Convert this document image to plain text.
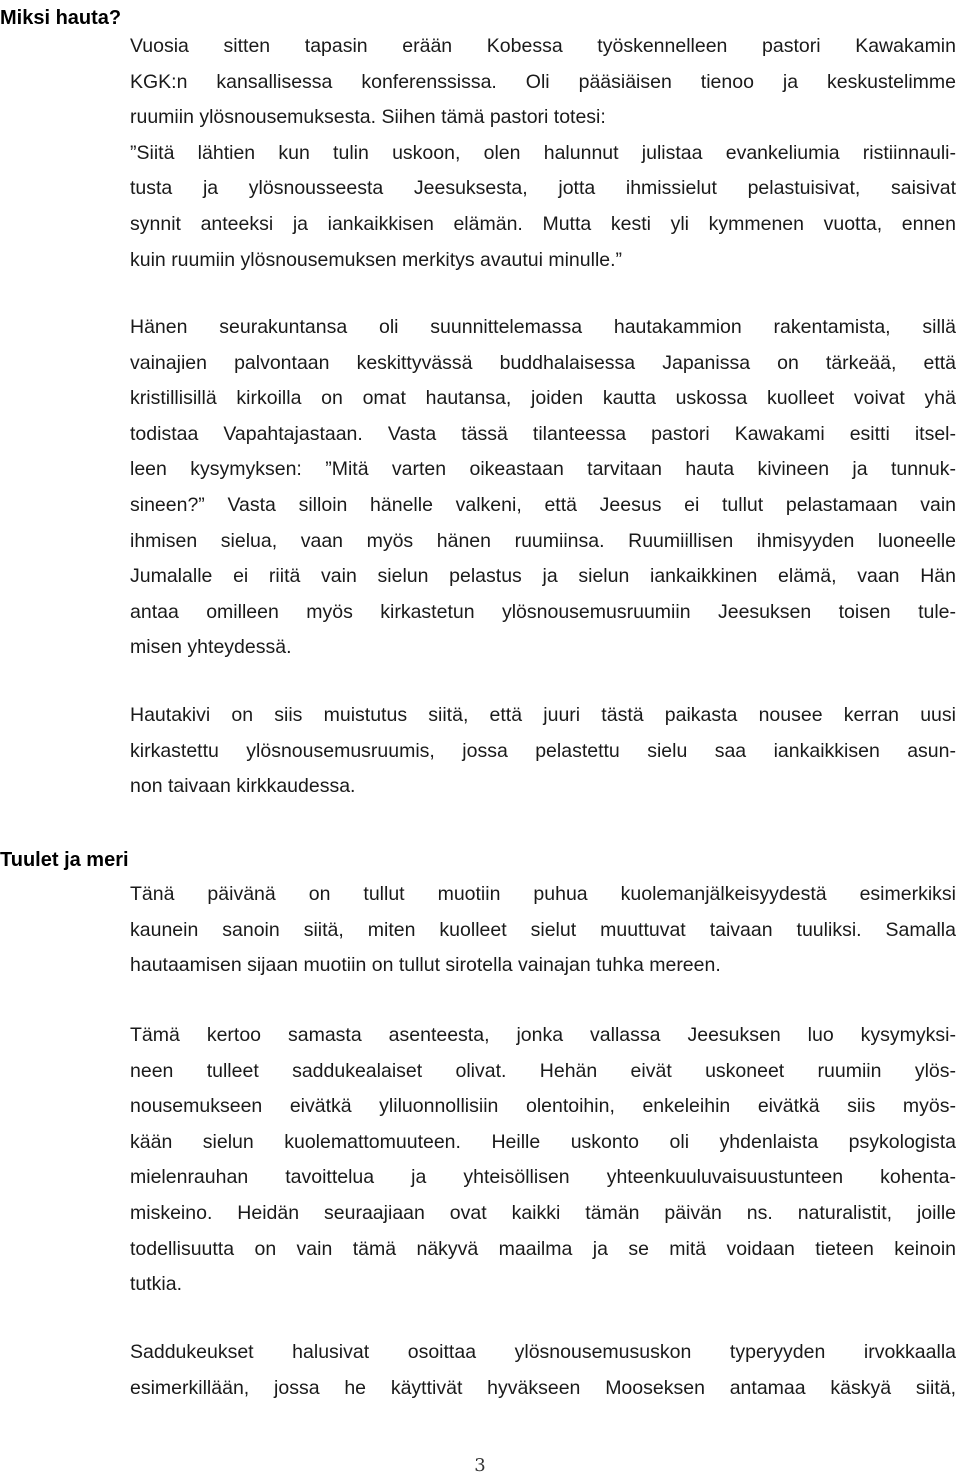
Miksi hauta?
Vuosia sitten tapasin erään Kobessa työskennelleen pastori Kawakamin
KGK:n kansallisessa konferenssissa. Oli pääsiäisen tienoo ja keskustelimme
ruumiin ylösnousemuksesta. Siihen tämä pastori totesi:
”Siitä lähtien kun tulin uskoon, olen halunnut julistaa evankeliumia ristiinnauli-
tusta ja ylösnousseesta Jeesuksesta, jotta ihmissielut pelastuisivat, saisivat
synnit anteeksi ja iankaikkisen elämän. Mutta kesti yli kymmenen vuotta, ennen
kuin ruumiin ylösnousemuksen merkitys avautui minulle.”
Hänen seurakuntansa oli suunnittelemassa hautakammion rakentamista, sillä
vainajien palvontaan keskittyvässä buddhalaisessa Japanissa on tärkeää, että
kristillisillä kirkoilla on omat hautansa, joiden kautta uskossa kuolleet voivat yhä
todistaa Vapahtajastaan. Vasta tässä tilanteessa pastori Kawakami esitti itsel-
leen kysymyksen: ”Mitä varten oikeastaan tarvitaan hauta kivineen ja tunnuk-
sineen?” Vasta silloin hänelle valkeni, että Jeesus ei tullut pelastamaan vain
ihmisen sielua, vaan myös hänen ruumiinsa. Ruumiillisen ihmisyyden luoneelle
Jumalalle ei riitä vain sielun pelastus ja sielun iankaikkinen elämä, vaan Hän
antaa omilleen myös kirkastetun ylösnousemusruumiin Jeesuksen toisen tule-
misen yhteydessä.
Hautakivi on siis muistutus siitä, että juuri tästä paikasta nousee kerran uusi
kirkastettu ylösnousemusruumis, jossa pelastettu sielu saa iankaikkisen asun-
non taivaan kirkkaudessa.
Tuulet ja meri
Tänä päivänä on tullut muotiin puhua kuolemanjälkeisyydestä esimerkiksi
kaunein sanoin siitä, miten kuolleet sielut muuttuvat taivaan tuuliksi. Samalla
hautaamisen sijaan muotiin on tullut sirotella vainajan tuhka mereen.
Tämä kertoo samasta asenteesta, jonka vallassa Jeesuksen luo kysymyksi-
neen tulleet saddukealaiset olivat. Hehän eivät uskoneet ruumiin ylös-
nousemukseen eivätkä yliluonnollisiin olentoihin, enkeleihin eivätkä siis myös-
kään sielun kuolemattomuuteen. Heille uskonto oli yhdenlaista psykologista
mielenrauhan tavoittelua ja yhteisöllisen yhteenkuuluvaisuustunteen kohenta-
miskeino. Heidän seuraajiaan ovat kaikki tämän päivän ns. naturalistit, joille
todellisuutta on vain tämä näkyvä maailma ja se mitä voidaan tieteen keinoin
tutkia.
Saddukeukset halusivat osoittaa ylösnousemususkon typeryyden irvokkaalla
esimerkillään, jossa he käyttivät hyväkseen Mooseksen antamaa käskyä siitä,
3
